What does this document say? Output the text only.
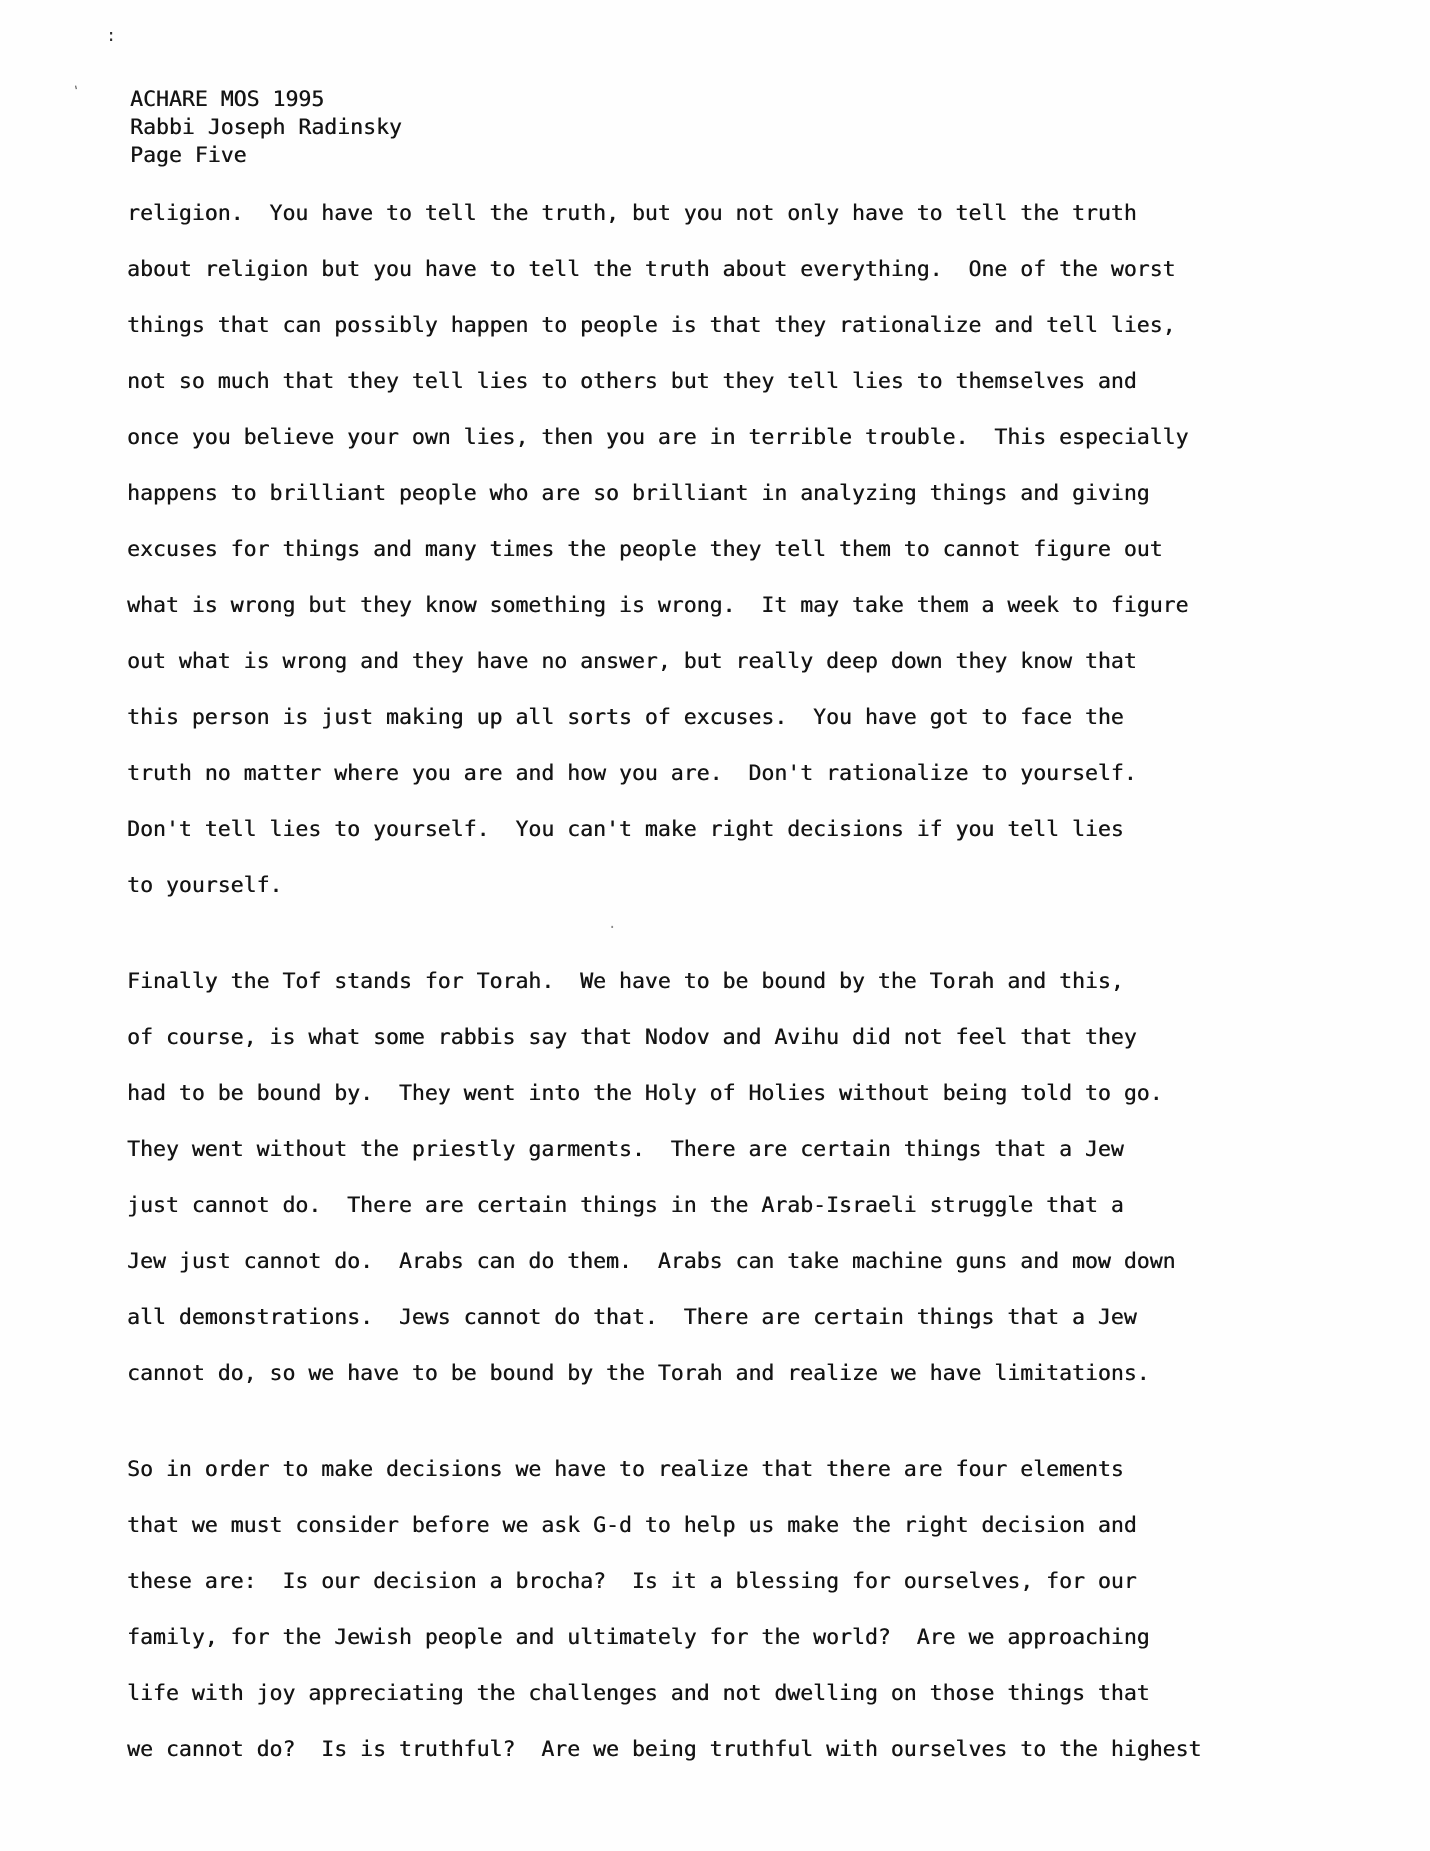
:
'
.
ACHARE MOS 1995
Rabbi Joseph Radinsky
Page Five

religion.  You have to tell the truth, but you not only have to tell the truth
about religion but you have to tell the truth about everything.  One of the worst
things that can possibly happen to people is that they rationalize and tell lies,
not so much that they tell lies to others but they tell lies to themselves and
once you believe your own lies, then you are in terrible trouble.  This especially
happens to brilliant people who are so brilliant in analyzing things and giving
excuses for things and many times the people they tell them to cannot figure out
what is wrong but they know something is wrong.  It may take them a week to figure
out what is wrong and they have no answer, but really deep down they know that
this person is just making up all sorts of excuses.  You have got to face the
truth no matter where you are and how you are.  Don't rationalize to yourself.
Don't tell lies to yourself.  You can't make right decisions if you tell lies
to yourself.

Finally the Tof stands for Torah.  We have to be bound by the Torah and this,
of course, is what some rabbis say that Nodov and Avihu did not feel that they
had to be bound by.  They went into the Holy of Holies without being told to go.
They went without the priestly garments.  There are certain things that a Jew
just cannot do.  There are certain things in the Arab-Israeli struggle that a
Jew just cannot do.  Arabs can do them.  Arabs can take machine guns and mow down
all demonstrations.  Jews cannot do that.  There are certain things that a Jew
cannot do, so we have to be bound by the Torah and realize we have limitations.

So in order to make decisions we have to realize that there are four elements
that we must consider before we ask G-d to help us make the right decision and
these are:  Is our decision a brocha?  Is it a blessing for ourselves, for our
family, for the Jewish people and ultimately for the world?  Are we approaching
life with joy appreciating the challenges and not dwelling on those things that
we cannot do?  Is is truthful?  Are we being truthful with ourselves to the highest
